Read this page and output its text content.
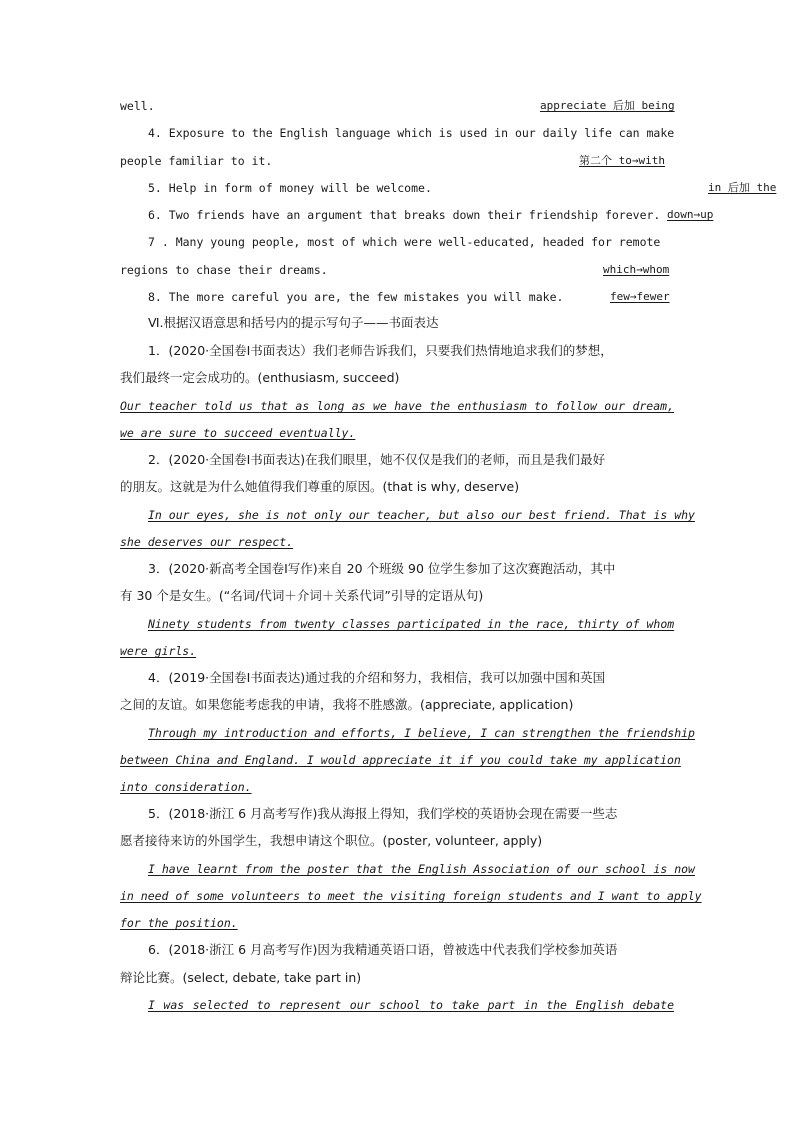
well.	appreciate 后加 being
4. Exposure to the English language which is used in our daily life can make
people familiar to it.	第二个 to→with
5. Help in form of money will be welcome.	in 后加 the
6. Two friends have an argument that breaks down their friendship forever. down→up
7 . Many young people, most of which were well-educated, headed for remote
regions to chase their dreams.	which→whom
8. The more careful you are, the few mistakes you will make.	few→fewer
Ⅵ.根据汉语意思和括号内的提示写句子——书面表达
1．(2020·全国卷Ⅰ书面表达）我们老师告诉我们，只要我们热情地追求我们的梦想，
我们最终一定会成功的。(enthusiasm, succeed)
Our teacher told us that as long as we have the enthusiasm to follow our dream,
we are sure to succeed eventually.
2．(2020·全国卷Ⅰ书面表达)在我们眼里，她不仅仅是我们的老师，而且是我们最好
的朋友。这就是为什么她值得我们尊重的原因。(that is why, deserve)
In our eyes, she is not only our teacher, but also our best friend. That is why
she deserves our respect.
3．(2020·新高考全国卷Ⅰ写作)来自 20 个班级 90 位学生参加了这次赛跑活动，其中
有 30 个是女生。(“名词/代词＋介词＋关系代词”引导的定语从句)
Ninety students from twenty classes participated in the race, thirty of whom
were girls.
4．(2019·全国卷Ⅰ书面表达)通过我的介绍和努力，我相信，我可以加强中国和英国
之间的友谊。如果您能考虑我的申请，我将不胜感激。(appreciate, application)
Through my introduction and efforts, I believe, I can strengthen the friendship
between China and England. I would appreciate it if you could take my application
into consideration.
5．(2018·浙江 6 月高考写作)我从海报上得知，我们学校的英语协会现在需要一些志
愿者接待来访的外国学生，我想申请这个职位。(poster, volunteer, apply)
I have learnt from the poster that the English Association of our school is now
in need of some volunteers to meet the visiting foreign students and I want to apply
for the position.
6．(2018·浙江 6 月高考写作)因为我精通英语口语，曾被选中代表我们学校参加英语
辩论比赛。(select, debate, take part in)
I was selected to represent our school to take part in the English debate
